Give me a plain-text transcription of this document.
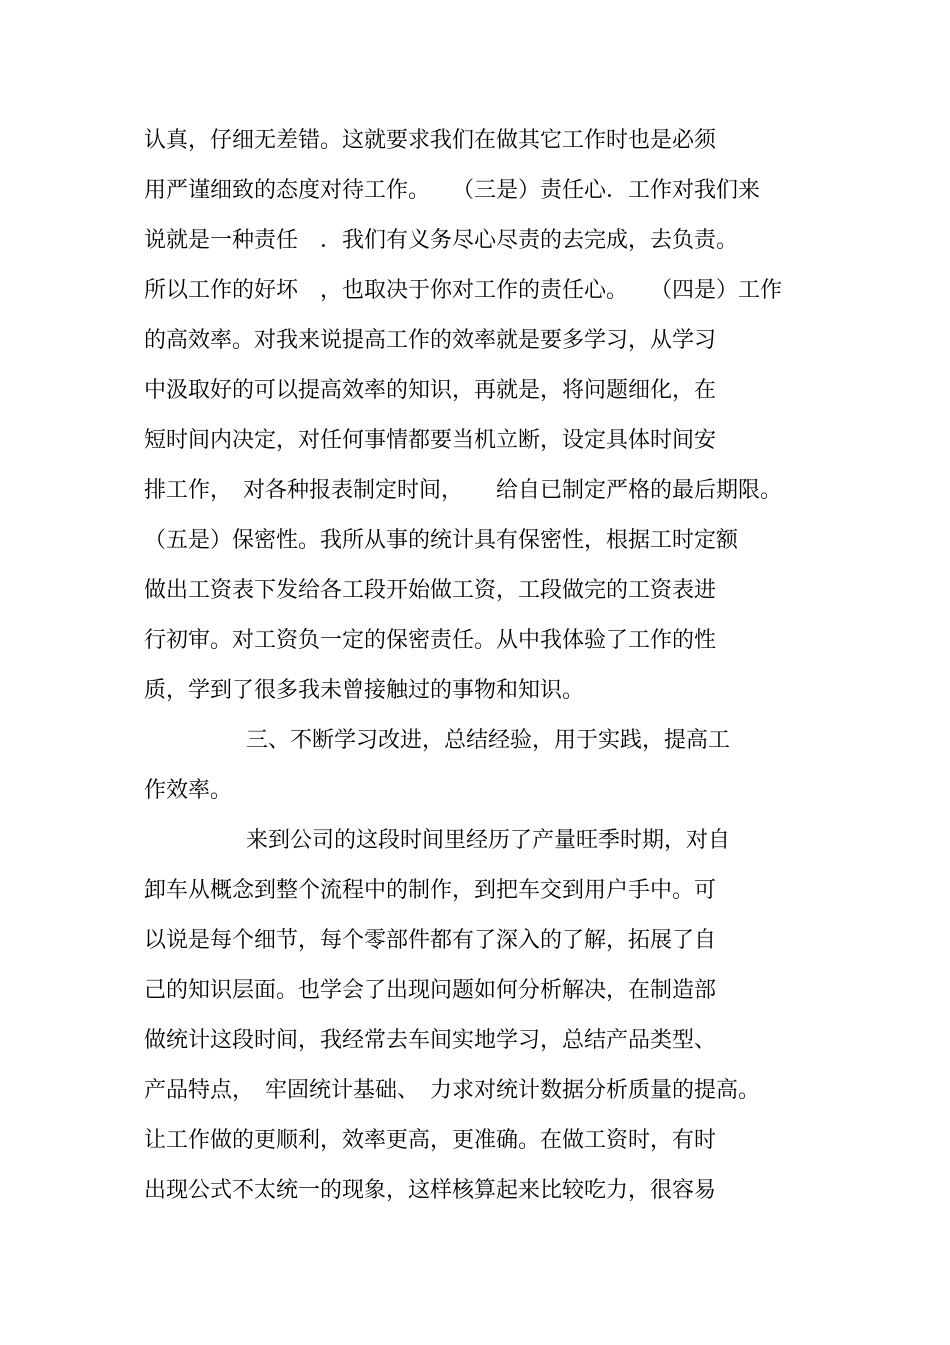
认真，仔细无差错。这就要求我们在做其它工作时也是必须
用严谨细致的态度对待工作。　　（三是）责任心．工作对我们来
说就是一种责任　．我们有义务尽心尽责的去完成，去负责。
所以工作的好坏　，也取决于你对工作的责任心。　　（四是）工作
的高效率。对我来说提高工作的效率就是要多学习，从学习
中汲取好的可以提高效率的知识，再就是，将问题细化，在
短时间内决定，对任何事情都要当机立断，设定具体时间安
排工作，　对各种报表制定时间，　　给自已制定严格的最后期限。
（五是）保密性。我所从事的统计具有保密性，根据工时定额
做出工资表下发给各工段开始做工资，工段做完的工资表进
行初审。对工资负一定的保密责任。从中我体验了工作的性
质，学到了很多我未曾接触过的事物和知识。
三、不断学习改进，总结经验，用于实践，提高工
作效率。
来到公司的这段时间里经历了产量旺季时期，对自
卸车从概念到整个流程中的制作，到把车交到用户手中。可
以说是每个细节，每个零部件都有了深入的了解，拓展了自
己的知识层面。也学会了出现问题如何分析解决，在制造部
做统计这段时间，我经常去车间实地学习，总结产品类型、
产品特点，　牢固统计基础、　力求对统计数据分析质量的提高。
让工作做的更顺利，效率更高，更准确。在做工资时，有时
出现公式不太统一的现象，这样核算起来比较吃力，很容易
